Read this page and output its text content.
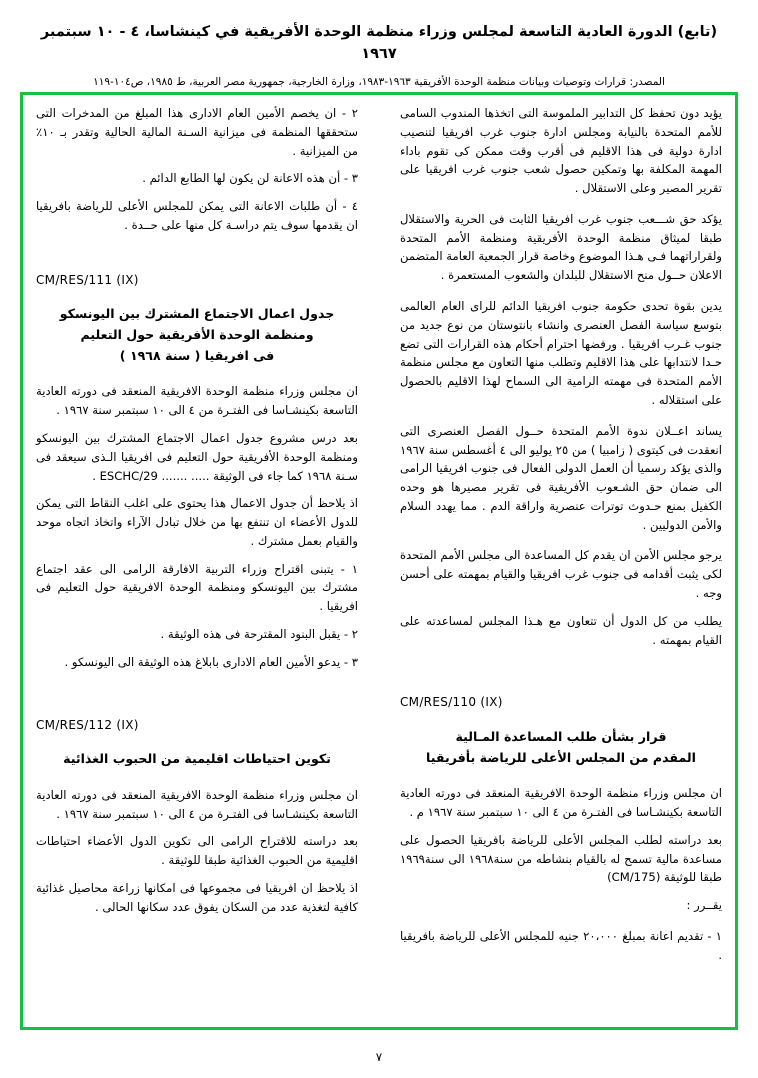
(تابع) الدورة العادية التاسعة لمجلس وزراء منظمة الوحدة الأفريقية في كينشاسا، ٤ - ١٠ سبتمبر ١٩٦٧
المصدر: قرارات وتوصيات وبيانات منظمة الوحدة الأفريقية ١٩٦٣-١٩٨٣، وزارة الخارجية، جمهورية مصر العربية، ط ١٩٨٥، ص١٠٤-١١٩

يؤيد دون تحفظ كل التدابير الملموسة التى اتخذها المندوب السامى للأمم المتحدة بالنيابة ومجلس ادارة جنوب غرب افريقيا لتنصيب ادارة دولية فى هذا الاقليم فى أقرب وقت ممكن كى تقوم باداء المهمة المكلفة بها وتمكين حصول شعب جنوب غرب افريقيا على تقرير المصير وعلى الاستقلال .

يؤكد حق شـــعب جنوب غرب افريقيا الثابت فى الحرية والاستقلال طبقا لميثاق منظمة الوحدة الأفريقية ومنظمة الأمم المتحدة ولقراراتهما فـى هـذا الموضوع وخاصة قرار الجمعية العامة المتضمن الاعلان حــول منح الاستقلال للبلدان والشعوب المستعمرة .

يدين بقوة تحدى حكومة جنوب افريقيا الدائم للراى العام العالمى بتوسع سياسة الفصل العنصرى وانشاء بانتوستان من نوع جديد من جنوب غـرب افريقيا . ورفضها احترام أحكام هذه القرارات التى تضع حـدا لانتدابها على هذا الاقليم وتطلب منها التعاون مع مجلس منظمة الأمم المتحدة فى مهمته الرامية الى السماح لهذا الاقليم بالحصول على استقلاله .

يساند اعــلان ندوة الأمم المتحدة حــول الفصل العنصرى التى انعقدت فى كيتوى ( زامبيا ) من ٢٥ يوليو الى ٤ أغسطس سنة ١٩٦٧ والذى يؤكد رسميا أن العمل الدولى الفعال فى جنوب افريقيا الرامى الى ضمان حق الشـعوب الأفريقية فى تقرير مصيرها هو وحده الكفيل بمنع حـدوث توترات عنصرية واراقة الدم . مما يهدد السلام والأمن الدوليين .

يرجو مجلس الأمن ان يقدم كل المساعدة الى مجلس الأمم المتحدة لكى يثبت أقدامه فى جنوب غرب افريقيا والقيام بمهمته على أحسن وجه .

يطلب من كل الدول أن تتعاون مع هـذا المجلس لمساعدته على القيام بمهمته .

CM/RES/110 (IX)
قرار بشأن طلب المساعدة المـالية
المقدم من المجلس الأعلى للرياضة بأفريقيا

ان مجلس وزراء منظمة الوحدة الافريقية المنعقد فى دورته العادية التاسعة بكينشـاسا فى الفتـرة من ٤ الى ١٠ سبتمبر سنة ١٩٦٧ م .

بعد دراسته لطلب المجلس الأعلى للرياضة بافريقيا الحصول على مساعدة مالية تسمح له بالقيام بنشاطه من سنة١٩٦٨ الى سنة١٩٦٩ طبقا للوثيقة (CM/175)

يقــرر :

١ - تقديم اعانة بمبلغ ٢٠،٠٠٠ جنيه للمجلس الأعلى للرياضة بافريقيا .

٢ - ان يخصم الأمين العام الادارى هذا المبلغ من المدخرات التى ستحققها المنظمة فى ميزانية السـنة المالية الحالية وتقدر بـ ١٠٪ من الميزانية .

٣ - أن هذه الاعانة لن يكون لها الطابع الدائم .

٤ - أن طلبات الاعانة التى يمكن للمجلس الأعلى للرياضة بافريقيا ان يقدمها سوف يتم دراسـة كل منها على حــدة .

CM/RES/111 (IX)
جدول اعمال الاجتماع المشترك بين اليونسكو
ومنظمة الوحدة الأفريقية حول التعليم
فى افريقيا ( سنة ١٩٦٨ )

ان مجلس وزراء منظمة الوحدة الافريقية المنعقد فى دورته العادية التاسعة بكينشـاسا فى الفتـرة من ٤ الى ١٠ سبتمبر سنة ١٩٦٧ .

بعد درس مشروع جدول اعمال الاجتماع المشترك بين اليونسكو ومنظمة الوحدة الأفريقية حول التعليم فى افريقيا الـذى سيعقد فى سـنة ١٩٦٨ كما جاء فى الوثيقة ..... ....... ESCHC/29 .

اذ يلاحظ أن جدول الاعمال هذا يحتوى على اغلب النقاط التى يمكن للدول الأعضاء ان تنتفع بها من خلال تبادل الآراء واتخاذ اتجاه موحد والقيام بعمل مشترك .

١ - يتبنى اقتراح وزراء التربية الافارقة الرامى الى عقد اجتماع مشترك بين اليونسكو ومنظمة الوحدة الافريقية حول التعليم فى افريقيا .

٢ - يقبل البنود المقترحة فى هذه الوثيقة .

٣ - يدعو الأمين العام الادارى بابلاغ هذه الوثيقة الى اليونسكو .

CM/RES/112 (IX)
تكوين احتياطات اقليمية من الحبوب الغذائية

ان مجلس وزراء منظمة الوحدة الافريقية المنعقد فى دورته العادية التاسعة بكينشـاسا فى الفتـرة من ٤ الى ١٠ سبتمبر سنة ١٩٦٧ .

بعد دراسته للاقتراح الرامى الى تكوين الدول الأعضاء احتياطات اقليمية من الحبوب الغذائية طبقا للوثيقة .

اذ يلاحظ ان افريقيا فى مجموعها فى امكانها زراعة محاصيل غذائية كافية لتغذية عدد من السكان يفوق عدد سكانها الحالى .

٧
